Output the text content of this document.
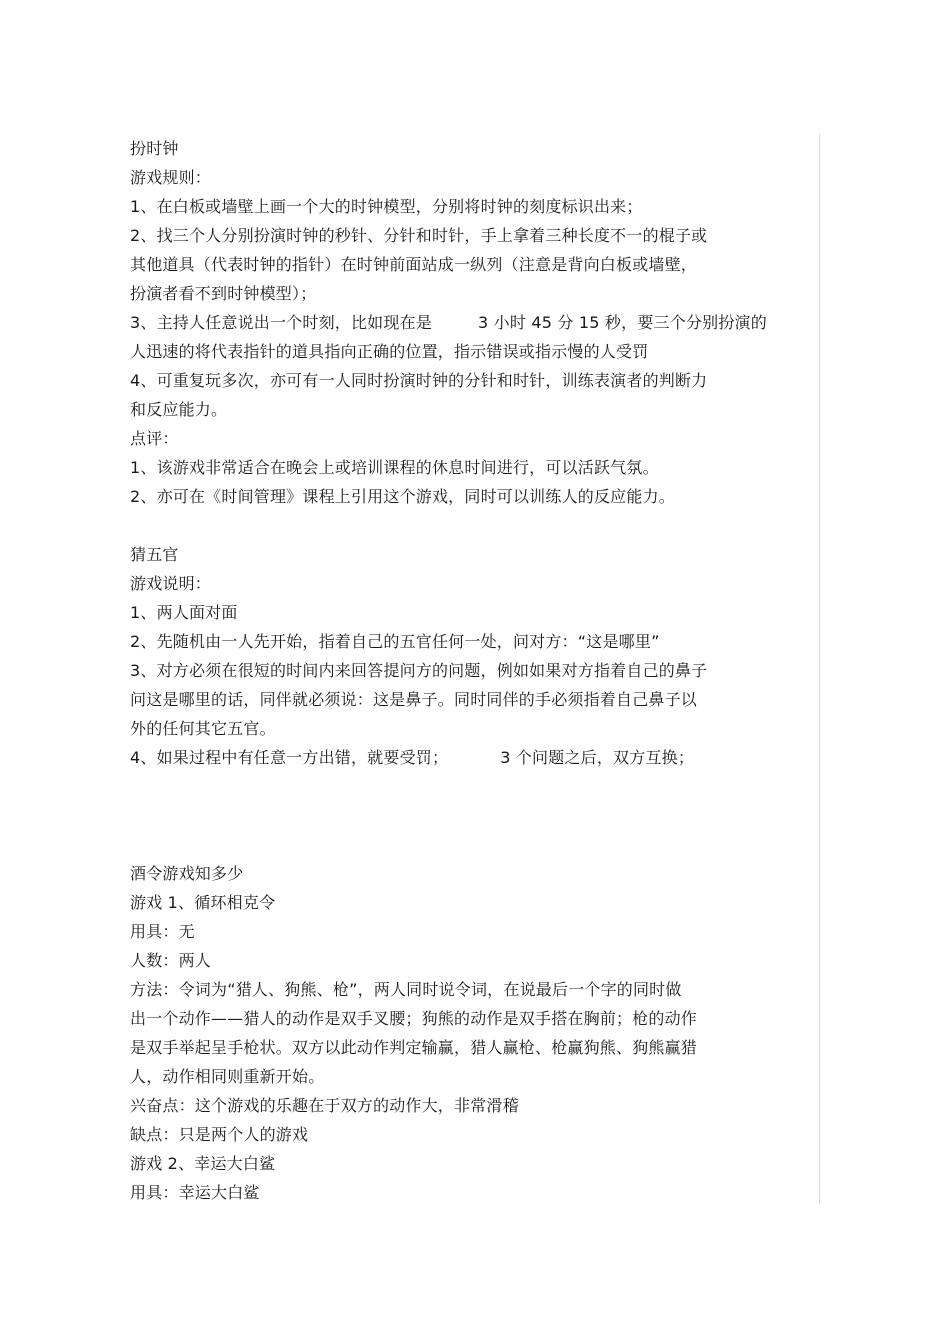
扮时钟
游戏规则：
1、在白板或墙壁上画一个大的时钟模型，分别将时钟的刻度标识出来；
2、找三个人分别扮演时钟的秒针、分针和时针，手上拿着三种长度不一的棍子或
其他道具（代表时钟的指针）在时钟前面站成一纵列（注意是背向白板或墙壁，
扮演者看不到时钟模型）；
3、主持人任意说出一个时刻，比如现在是	3 小时 45 分 15 秒，要三个分别扮演的
人迅速的将代表指针的道具指向正确的位置，指示错误或指示慢的人受罚
4、可重复玩多次，亦可有一人同时扮演时钟的分针和时针，训练表演者的判断力
和反应能力。
点评：
1、该游戏非常适合在晚会上或培训课程的休息时间进行，可以活跃气氛。
2、亦可在《时间管理》课程上引用这个游戏，同时可以训练人的反应能力。
猜五官
游戏说明：
1、两人面对面
2、先随机由一人先开始，指着自己的五官任何一处，问对方：“这是哪里”
3、对方必须在很短的时间内来回答提问方的问题，例如如果对方指着自己的鼻子
问这是哪里的话，同伴就必须说：这是鼻子。同时同伴的手必须指着自己鼻子以
外的任何其它五官。
4、如果过程中有任意一方出错，就要受罚；	3 个问题之后，双方互换；
酒令游戏知多少
游戏 1、循环相克令
用具：无
人数：两人
方法：令词为“猎人、狗熊、枪”，两人同时说令词，在说最后一个字的同时做
出一个动作——猎人的动作是双手叉腰；狗熊的动作是双手搭在胸前；枪的动作
是双手举起呈手枪状。双方以此动作判定输赢，猎人赢枪、枪赢狗熊、狗熊赢猎
人，动作相同则重新开始。
兴奋点：这个游戏的乐趣在于双方的动作大，非常滑稽
缺点：只是两个人的游戏
游戏 2、幸运大白鲨
用具：幸运大白鲨
